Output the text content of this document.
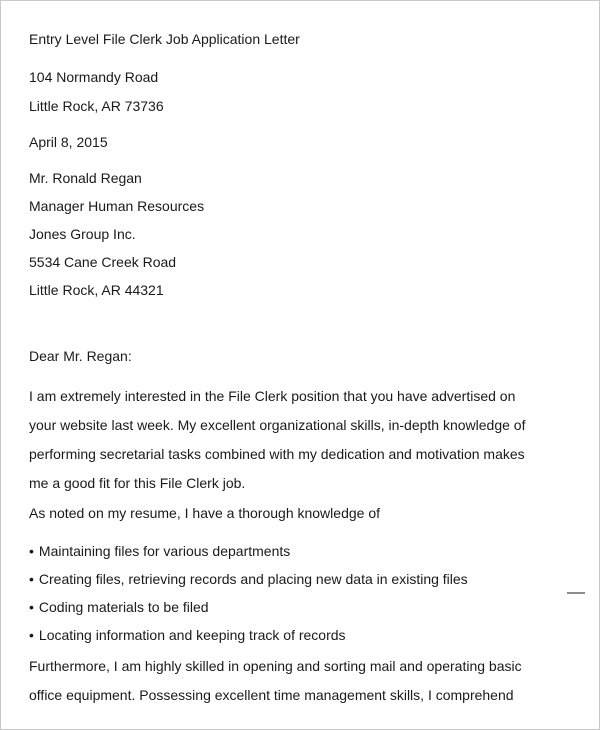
Entry Level File Clerk Job Application Letter
104 Normandy Road
Little Rock, AR 73736
April 8, 2015
Mr. Ronald Regan
Manager Human Resources
Jones Group Inc.
5534 Cane Creek Road
Little Rock, AR 44321
Dear Mr. Regan:
I am extremely interested in the File Clerk position that you have advertised on
your website last week. My excellent organizational skills, in-depth knowledge of
performing secretarial tasks combined with my dedication and motivation makes
me a good fit for this File Clerk job.
As noted on my resume, I have a thorough knowledge of
• Maintaining files for various departments
• Creating files, retrieving records and placing new data in existing files
• Coding materials to be filed
• Locating information and keeping track of records
Furthermore, I am highly skilled in opening and sorting mail and operating basic
office equipment. Possessing excellent time management skills, I comprehend
